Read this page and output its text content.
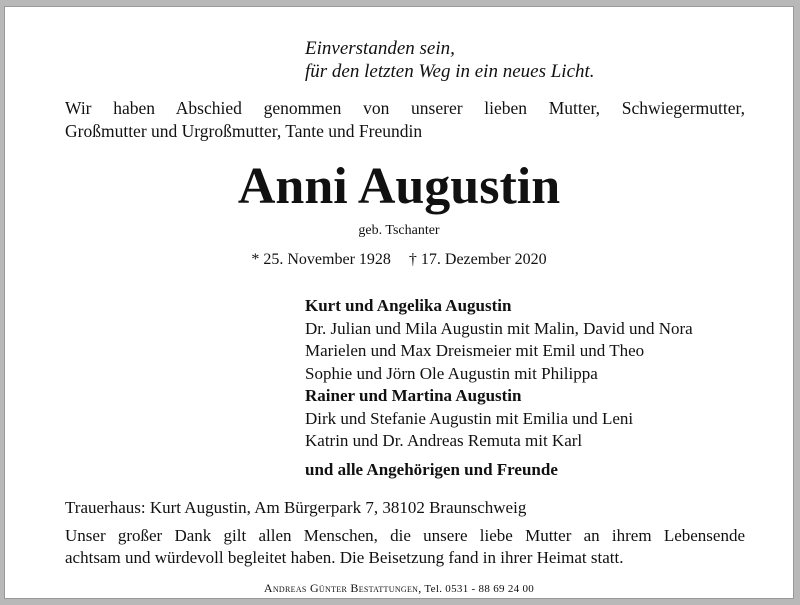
Einverstanden sein,
für den letzten Weg in ein neues Licht.
Wir haben Abschied genommen von unserer lieben Mutter, Schwiegermutter,
Großmutter und Urgroßmutter, Tante und Freundin
Anni Augustin
geb. Tschanter
* 25. November 1928 † 17. Dezember 2020
Kurt und Angelika Augustin
Dr. Julian und Mila Augustin mit Malin, David und Nora
Marielen und Max Dreismeier mit Emil und Theo
Sophie und Jörn Ole Augustin mit Philippa
Rainer und Martina Augustin
Dirk und Stefanie Augustin mit Emilia und Leni
Katrin und Dr. Andreas Remuta mit Karl
und alle Angehörigen und Freunde
Trauerhaus: Kurt Augustin, Am Bürgerpark 7, 38102 Braunschweig
Unser großer Dank gilt allen Menschen, die unsere liebe Mutter an ihrem Lebensende
achtsam und würdevoll begleitet haben. Die Beisetzung fand in ihrer Heimat statt.
Andreas Günter Bestattungen, Tel. 0531 - 88 69 24 00
